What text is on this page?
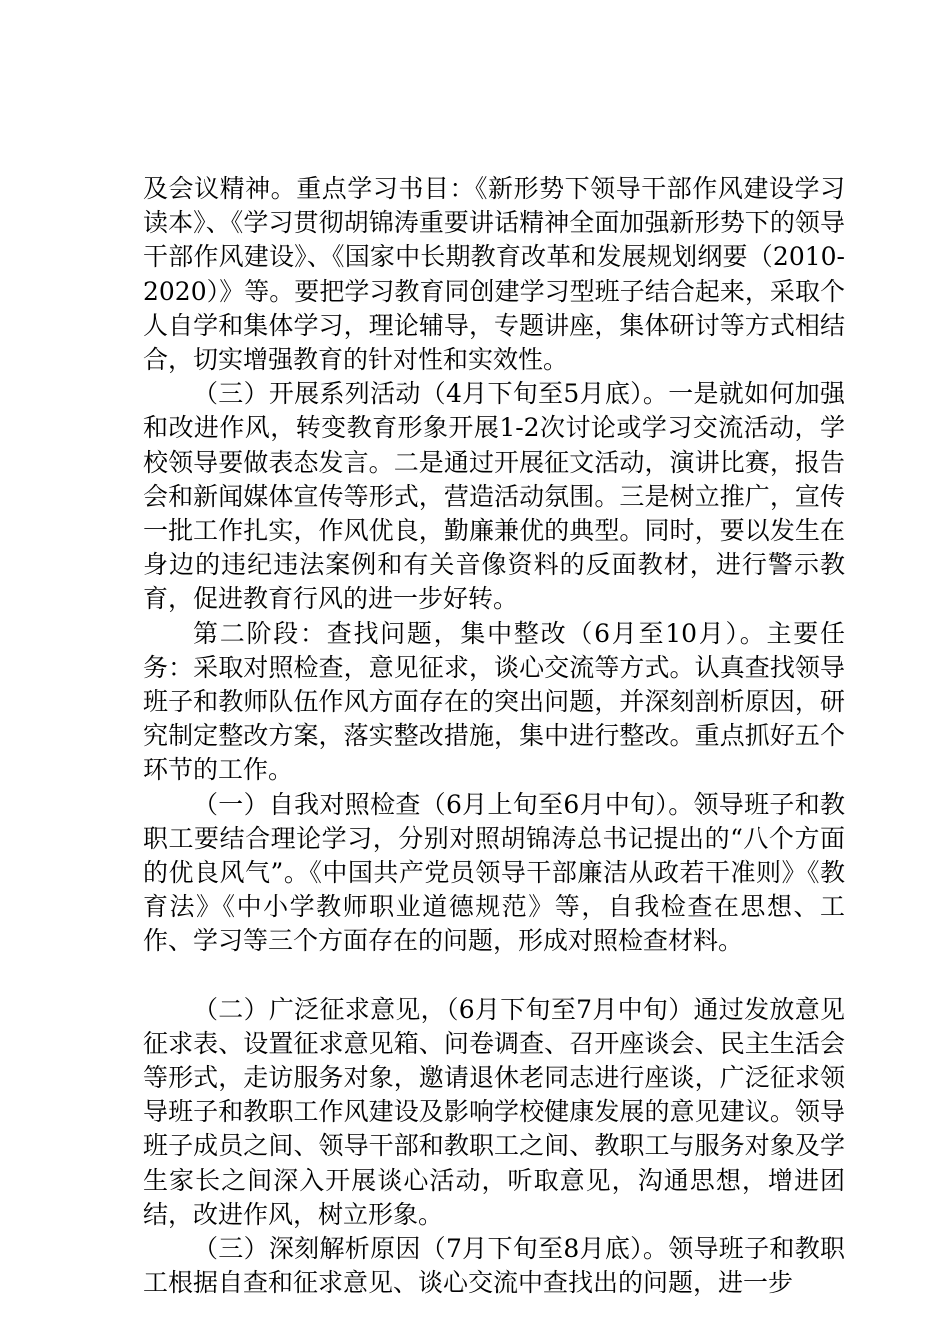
及会议精神。重点学习书目：《新形势下领导干部作风建设学习读本》、《学习贯彻胡锦涛重要讲话精神全面加强新形势下的领导干部作风建设》、《国家中长期教育改革和发展规划纲要（2010-2020）》等。要把学习教育同创建学习型班子结合起来，采取个人自学和集体学习，理论辅导，专题讲座，集体研讨等方式相结合，切实增强教育的针对性和实效性。

（三）开展系列活动（4月下旬至5月底）。一是就如何加强和改进作风，转变教育形象开展1-2次讨论或学习交流活动，学校领导要做表态发言。二是通过开展征文活动，演讲比赛，报告会和新闻媒体宣传等形式，营造活动氛围。三是树立推广，宣传一批工作扎实，作风优良，勤廉兼优的典型。同时，要以发生在身边的违纪违法案例和有关音像资料的反面教材，进行警示教育，促进教育行风的进一步好转。

第二阶段：查找问题，集中整改（6月至10月）。主要任务：采取对照检查，意见征求，谈心交流等方式。认真查找领导班子和教师队伍作风方面存在的突出问题，并深刻剖析原因，研究制定整改方案，落实整改措施，集中进行整改。重点抓好五个环节的工作。

（一）自我对照检查（6月上旬至6月中旬）。领导班子和教职工要结合理论学习，分别对照胡锦涛总书记提出的“八个方面的优良风气”。《中国共产党员领导干部廉洁从政若干准则》《教育法》《中小学教师职业道德规范》等，自我检查在思想、工作、学习等三个方面存在的问题，形成对照检查材料。

（二）广泛征求意见，（6月下旬至7月中旬）通过发放意见征求表、设置征求意见箱、问卷调查、召开座谈会、民主生活会等形式，走访服务对象，邀请退休老同志进行座谈，广泛征求领导班子和教职工作风建设及影响学校健康发展的意见建议。领导班子成员之间、领导干部和教职工之间、教职工与服务对象及学生家长之间深入开展谈心活动，听取意见，沟通思想，增进团结，改进作风，树立形象。

（三）深刻解析原因（7月下旬至8月底）。领导班子和教职工根据自查和征求意见、谈心交流中查找出的问题，进一步
